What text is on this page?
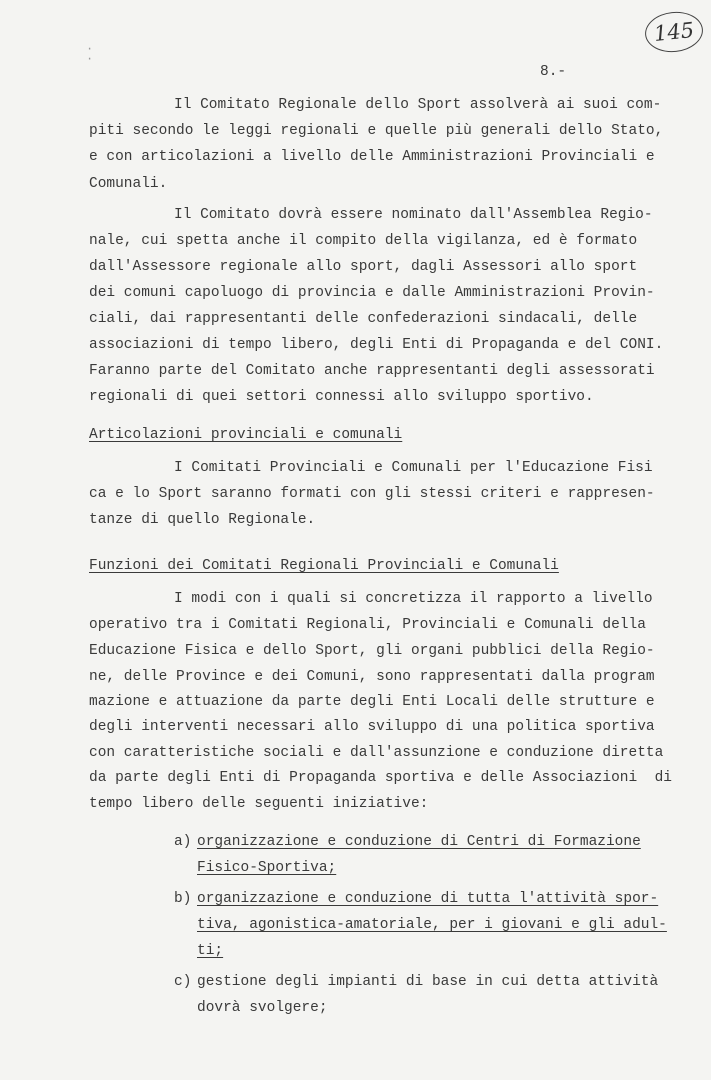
145
·
·
8.-
Il Comitato Regionale dello Sport assolverà ai suoi com-
piti secondo le leggi regionali e quelle più generali dello Stato,
e con articolazioni a livello delle Amministrazioni Provinciali e
Comunali.
Il Comitato dovrà essere nominato dall'Assemblea Regio-
nale, cui spetta anche il compito della vigilanza, ed è formato
dall'Assessore regionale allo sport, dagli Assessori allo sport
dei comuni capoluogo di provincia e dalle Amministrazioni Provin-
ciali, dai rappresentanti delle confederazioni sindacali, delle
associazioni di tempo libero, degli Enti di Propaganda e del CONI.
Faranno parte del Comitato anche rappresentanti degli assessorati
regionali di quei settori connessi allo sviluppo sportivo.
Articolazioni provinciali e comunali
I Comitati Provinciali e Comunali per l'Educazione Fisi
ca e lo Sport saranno formati con gli stessi criteri e rappresen-
tanze di quello Regionale.
Funzioni dei Comitati Regionali Provinciali e Comunali
I modi con i quali si concretizza il rapporto a livello
operativo tra i Comitati Regionali, Provinciali e Comunali della
Educazione Fisica e dello Sport, gli organi pubblici della Regio-
ne, delle Province e dei Comuni, sono rappresentati dalla program
mazione e attuazione da parte degli Enti Locali delle strutture e
degli interventi necessari allo sviluppo di una politica sportiva
con caratteristiche sociali e dall'assunzione e conduzione diretta
da parte degli Enti di Propaganda sportiva e delle Associazioni  di
tempo libero delle seguenti iniziative:
a) organizzazione e conduzione di Centri di Formazione
Fisico-Sportiva;
b) organizzazione e conduzione di tutta l'attività spor-
tiva, agonistica-amatoriale, per i giovani e gli adul-
ti;
c) gestione degli impianti di base in cui detta attività
dovrà svolgere;
